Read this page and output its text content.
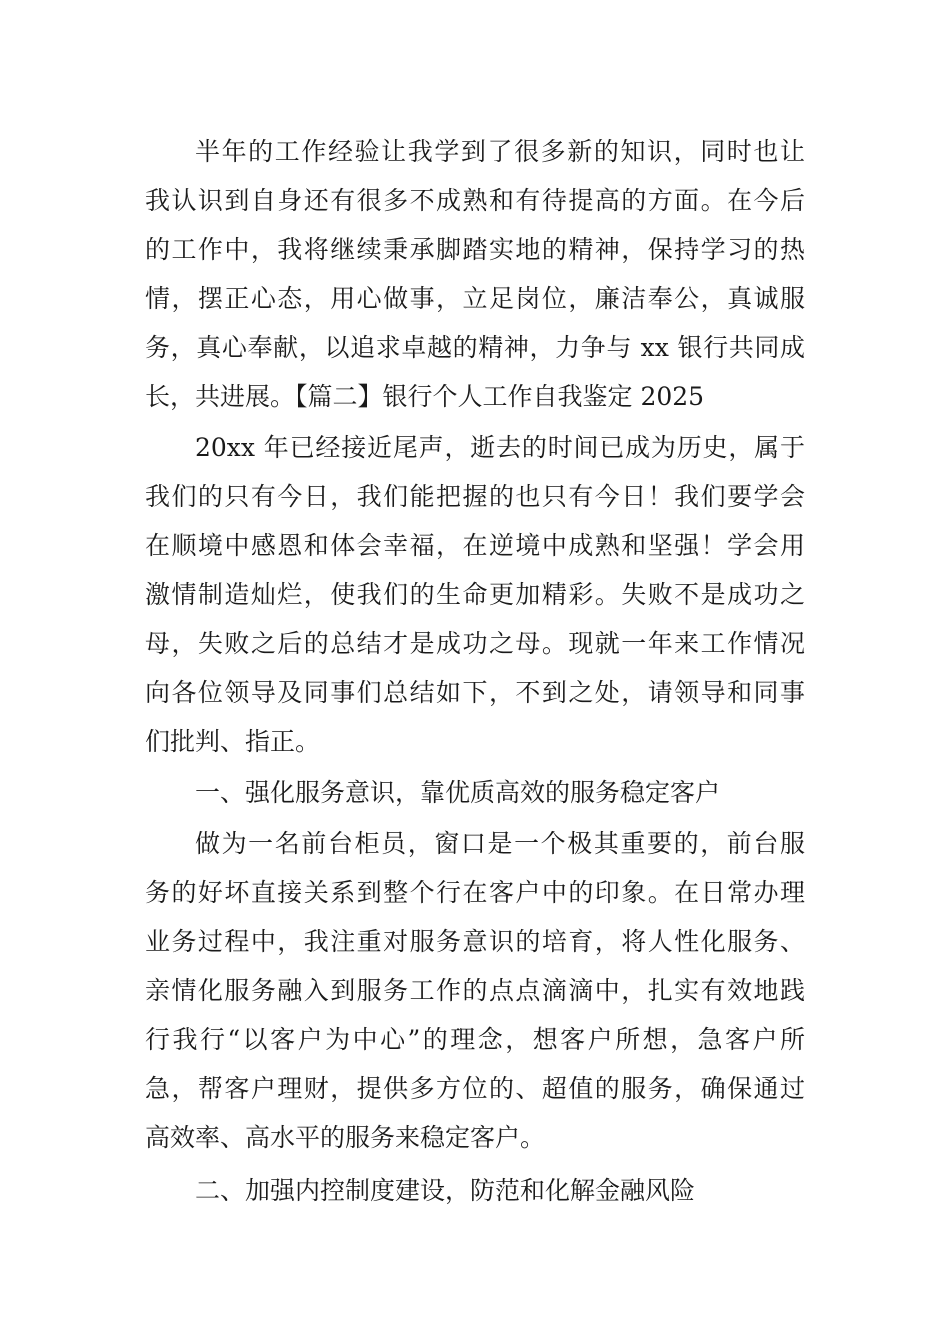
半年的工作经验让我学到了很多新的知识，同时也让
我认识到自身还有很多不成熟和有待提高的方面。在今后
的工作中，我将继续秉承脚踏实地的精神，保持学习的热
情，摆正心态，用心做事，立足岗位，廉洁奉公，真诚服
务，真心奉献，以追求卓越的精神，力争与 xx 银行共同成
长，共进展。【篇二】银行个人工作自我鉴定 2025
20xx 年已经接近尾声，逝去的时间已成为历史，属于
我们的只有今日，我们能把握的也只有今日！我们要学会
在顺境中感恩和体会幸福，在逆境中成熟和坚强！学会用
激情制造灿烂，使我们的生命更加精彩。失败不是成功之
母，失败之后的总结才是成功之母。现就一年来工作情况
向各位领导及同事们总结如下，不到之处，请领导和同事
们批判、指正。
一、强化服务意识，靠优质高效的服务稳定客户
做为一名前台柜员，窗口是一个极其重要的，前台服
务的好坏直接关系到整个行在客户中的印象。在日常办理
业务过程中，我注重对服务意识的培育，将人性化服务、
亲情化服务融入到服务工作的点点滴滴中，扎实有效地践
行我行“以客户为中心”的理念，想客户所想，急客户所
急，帮客户理财，提供多方位的、超值的服务，确保通过
高效率、高水平的服务来稳定客户。
二、加强内控制度建设，防范和化解金融风险
